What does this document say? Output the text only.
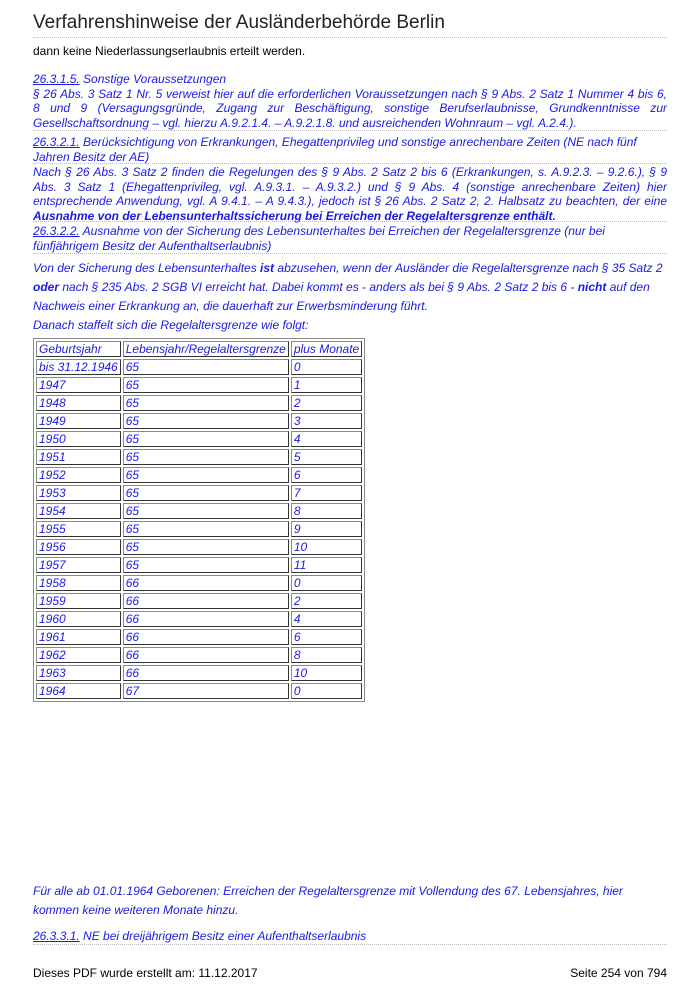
Verfahrenshinweise der Ausländerbehörde Berlin
dann keine Niederlassungserlaubnis erteilt werden.
26.3.1.5. Sonstige Voraussetzungen
§ 26 Abs. 3 Satz 1 Nr. 5 verweist hier auf die erforderlichen Voraussetzungen nach § 9 Abs. 2 Satz 1 Nummer 4 bis 6, 8 und 9 (Versagungsgründe, Zugang zur Beschäftigung, sonstige Berufserlaubnisse, Grundkenntnisse zur Gesellschaftsordnung – vgl. hierzu A.9.2.1.4. – A.9.2.1.8. und ausreichenden Wohnraum – vgl. A.2.4.).
26.3.2.1. Berücksichtigung von Erkrankungen, Ehegattenprivileg und sonstige anrechenbare Zeiten (NE nach fünf Jahren Besitz der AE)
Nach § 26 Abs. 3 Satz 2 finden die Regelungen des § 9 Abs. 2 Satz 2 bis 6 (Erkrankungen, s. A.9.2.3. – 9.2.6.), § 9 Abs. 3 Satz 1 (Ehegattenprivileg, vgl. A.9.3.1. – A.9.3.2.) und § 9 Abs. 4 (sonstige anrechenbare Zeiten) hier entsprechende Anwendung, vgl. A 9.4.1. – A 9.4.3.), jedoch ist § 26 Abs. 2 Satz 2, 2. Halbsatz zu beachten, der eine Ausnahme von der Lebensunterhaltssicherung bei Erreichen der Regelaltersgrenze enthält.
26.3.2.2. Ausnahme von der Sicherung des Lebensunterhaltes bei Erreichen der Regelaltersgrenze (nur bei fünfjährigem Besitz der Aufenthaltserlaubnis)
Von der Sicherung des Lebensunterhaltes ist abzusehen, wenn der Ausländer die Regelaltersgrenze nach § 35 Satz 2 oder nach § 235 Abs. 2 SGB VI erreicht hat. Dabei kommt es - anders als bei § 9 Abs. 2 Satz 2 bis 6 - nicht auf den Nachweis einer Erkrankung an, die dauerhaft zur Erwerbsminderung führt.
Danach staffelt sich die Regelaltersgrenze wie folgt:
Geburtsjahr	Lebensjahr/Regelaltersgrenze	plus Monate
bis 31.12.1946	65	0
1947	65	1
1948	65	2
1949	65	3
1950	65	4
1951	65	5
1952	65	6
1953	65	7
1954	65	8
1955	65	9
1956	65	10
1957	65	11
1958	66	0
1959	66	2
1960	66	4
1961	66	6
1962	66	8
1963	66	10
1964	67	0
Für alle ab 01.01.1964 Geborenen: Erreichen der Regelaltersgrenze mit Vollendung des 67. Lebensjahres, hier kommen keine weiteren Monate hinzu.
26.3.3.1. NE bei dreijährigem Besitz einer Aufenthaltserlaubnis
Dieses PDF wurde erstellt am: 11.12.2017	Seite 254 von 794
